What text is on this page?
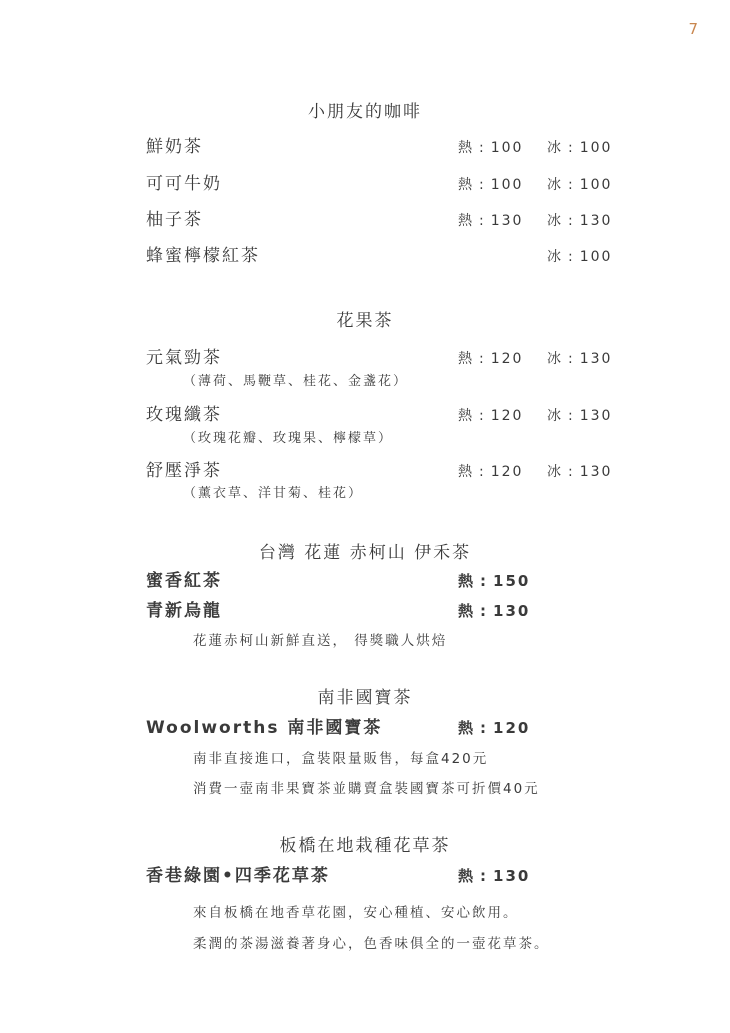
7
小朋友的咖啡
鮮奶茶	熱 : 100 冰 : 100
可可牛奶	熱 : 100 冰 : 100
柚子茶	熱 : 130 冰 : 130
蜂蜜檸檬紅茶	冰 : 100
花果茶
元氣勁茶	熱 : 120 冰 : 130
（薄荷、馬鞭草、桂花、金盞花）
玫瑰纖茶	熱 : 120 冰 : 130
（玫瑰花瓣、玫瑰果、檸檬草）
舒壓淨茶	熱 : 120 冰 : 130
（薰衣草、洋甘菊、桂花）
台灣 花蓮 赤柯山 伊禾茶
蜜香紅茶	熱 : 150
青新烏龍	熱 : 130
花蓮赤柯山新鮮直送， 得獎職人烘焙
南非國寶茶
Woolworths 南非國寶茶	熱 : 120
南非直接進口，盒裝限量販售，每盒420元
消費一壺南非果寶茶並購賣盒裝國寶茶可折價40元
板橋在地栽種花草茶
香巷綠園•四季花草茶	熱 : 130
來自板橋在地香草花園，安心種植、安心飲用。
柔潤的茶湯滋養著身心，色香味俱全的一壺花草茶。
